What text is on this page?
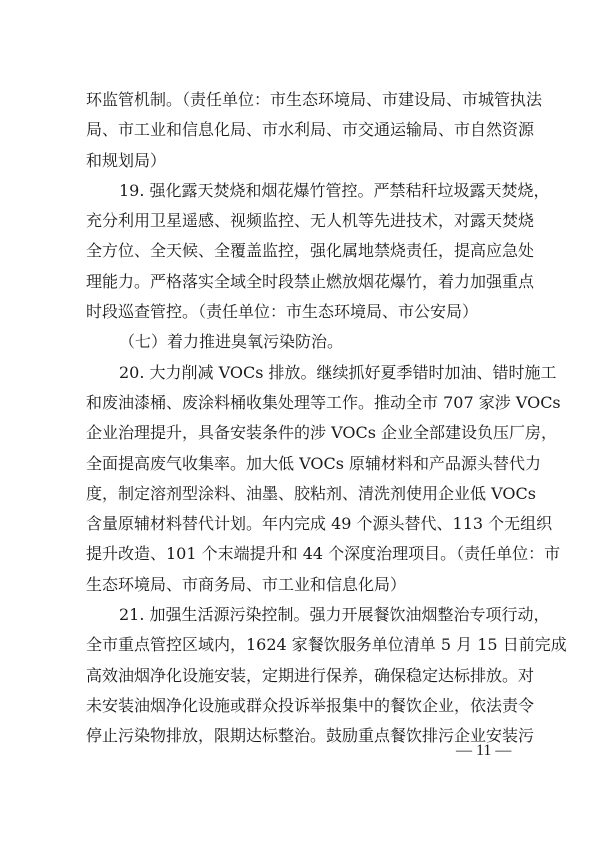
环监管机制。（责任单位：市生态环境局、市建设局、市城管执法
局、市工业和信息化局、市水利局、市交通运输局、市自然资源
和规划局）
19. 强化露天焚烧和烟花爆竹管控。严禁秸秆垃圾露天焚烧，
充分利用卫星遥感、视频监控、无人机等先进技术，对露天焚烧
全方位、全天候、全覆盖监控，强化属地禁烧责任，提高应急处
理能力。严格落实全域全时段禁止燃放烟花爆竹，着力加强重点
时段巡查管控。（责任单位：市生态环境局、市公安局）
（七）着力推进臭氧污染防治。
20. 大力削减 VOCs 排放。继续抓好夏季错时加油、错时施工
和废油漆桶、废涂料桶收集处理等工作。推动全市 707 家涉 VOCs
企业治理提升，具备安装条件的涉 VOCs 企业全部建设负压厂房，
全面提高废气收集率。加大低 VOCs 原辅材料和产品源头替代力
度，制定溶剂型涂料、油墨、胶粘剂、清洗剂使用企业低 VOCs
含量原辅材料替代计划。年内完成 49 个源头替代、113 个无组织
提升改造、101 个末端提升和 44 个深度治理项目。（责任单位：市
生态环境局、市商务局、市工业和信息化局）
21. 加强生活源污染控制。强力开展餐饮油烟整治专项行动，
全市重点管控区域内，1624 家餐饮服务单位清单 5 月 15 日前完成
高效油烟净化设施安装，定期进行保养，确保稳定达标排放。对
未安装油烟净化设施或群众投诉举报集中的餐饮企业，依法责令
停止污染物排放，限期达标整治。鼓励重点餐饮排污企业安装污
— 11 —
